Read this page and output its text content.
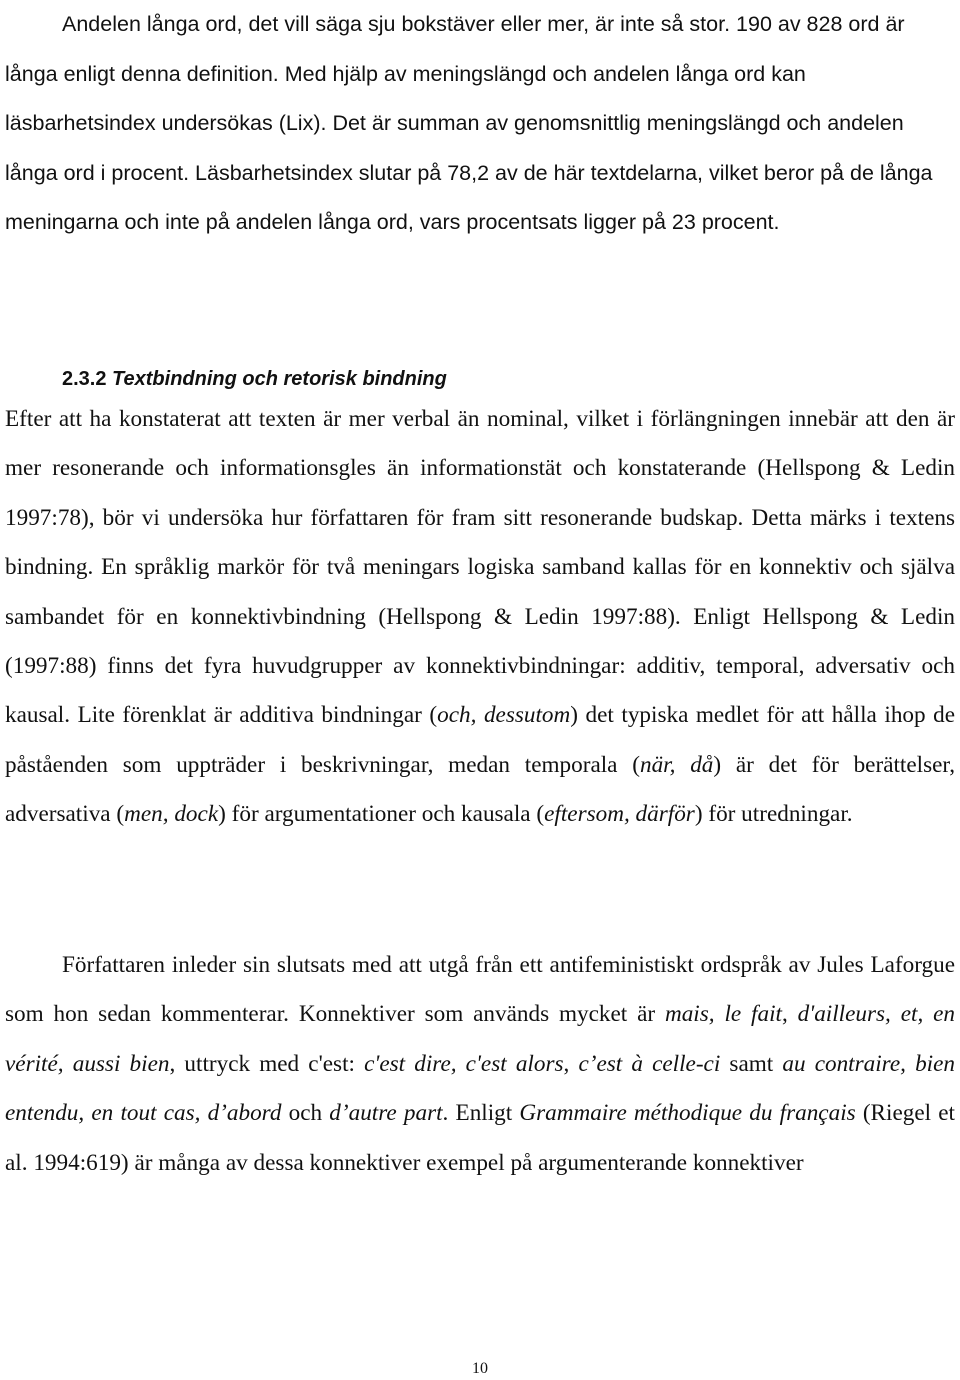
Andelen långa ord, det vill säga sju bokstäver eller mer, är inte så stor. 190 av 828 ord är långa enligt denna definition. Med hjälp av meningslängd och andelen långa ord kan läsbarhetsindex undersökas (Lix). Det är summan av genomsnittlig meningslängd och andelen långa ord i procent. Läsbarhetsindex slutar på 78,2 av de här textdelarna, vilket beror på de långa meningarna och inte på andelen långa ord, vars procentsats ligger på 23 procent.

2.3.2 Textbindning och retorisk bindning

Efter att ha konstaterat att texten är mer verbal än nominal, vilket i förlängningen innebär att den är mer resonerande och informationsgles än informationstät och konstaterande (Hellspong & Ledin 1997:78), bör vi undersöka hur författaren för fram sitt resonerande budskap. Detta märks i textens bindning. En språklig markör för två meningars logiska samband kallas för en konnektiv och själva sambandet för en konnektivbindning (Hellspong & Ledin 1997:88). Enligt Hellspong & Ledin (1997:88) finns det fyra huvudgrupper av konnektivbindningar: additiv, temporal, adversativ och kausal. Lite förenklat är additiva bindningar (och, dessutom) det typiska medlet för att hålla ihop de påståenden som uppträder i beskrivningar, medan temporala (när, då) är det för berättelser, adversativa (men, dock) för argumentationer och kausala (eftersom, därför) för utredningar.

Författaren inleder sin slutsats med att utgå från ett antifeministiskt ordspråk av Jules Laforgue som hon sedan kommenterar. Konnektiver som används mycket är mais, le fait, d'ailleurs, et, en vérité, aussi bien, uttryck med c'est: c'est dire, c'est alors, c’est à celle-ci samt au contraire, bien entendu, en tout cas, d’abord och d’autre part. Enligt Grammaire méthodique du français (Riegel et al. 1994:619) är många av dessa konnektiver exempel på argumenterande konnektiver

10
